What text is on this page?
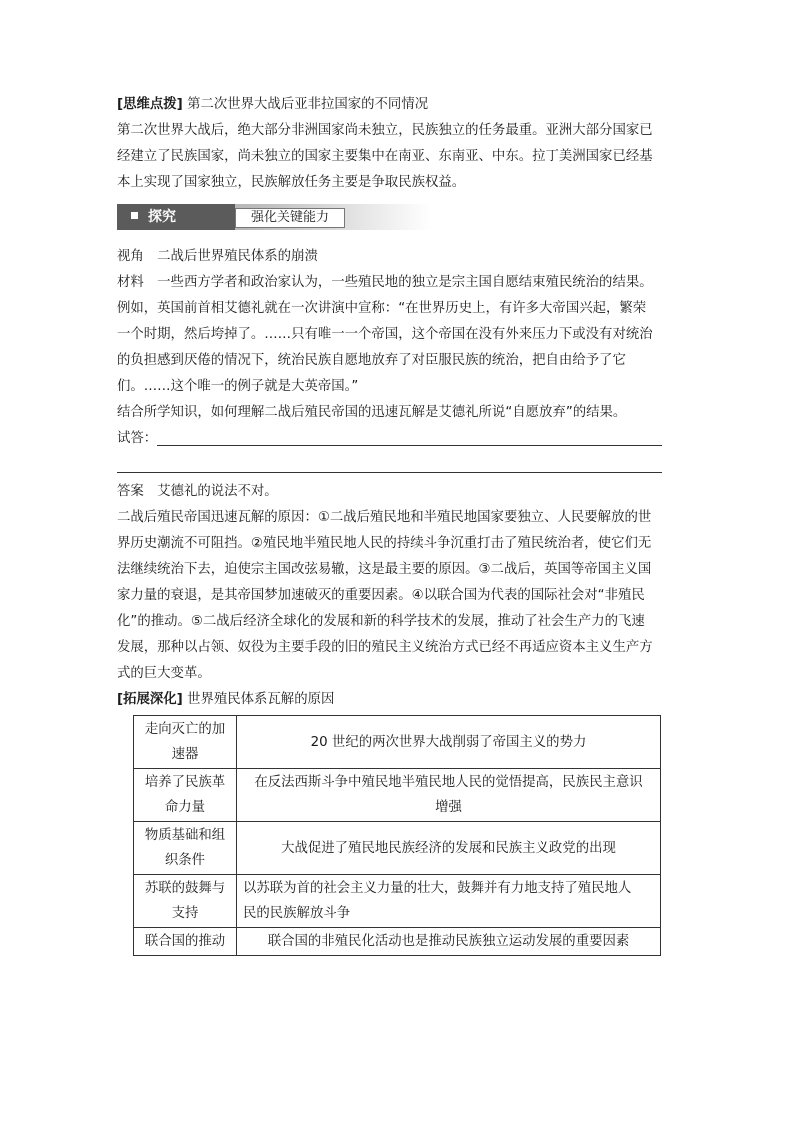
[思维点拨] 第二次世界大战后亚非拉国家的不同情况
第二次世界大战后，绝大部分非洲国家尚未独立，民族独立的任务最重。亚洲大部分国家已
经建立了民族国家，尚未独立的国家主要集中在南亚、东南亚、中东。拉丁美洲国家已经基
本上实现了国家独立，民族解放任务主要是争取民族权益。
探究	强化关键能力
视角　二战后世界殖民体系的崩溃
材料　一些西方学者和政治家认为，一些殖民地的独立是宗主国自愿结束殖民统治的结果。
例如，英国前首相艾德礼就在一次讲演中宣称：“在世界历史上，有许多大帝国兴起，繁荣
一个时期，然后垮掉了。……只有唯一一个帝国，这个帝国在没有外来压力下或没有对统治
的负担感到厌倦的情况下，统治民族自愿地放弃了对臣服民族的统治，把自由给予了它
们。……这个唯一的例子就是大英帝国。”
结合所学知识，如何理解二战后殖民帝国的迅速瓦解是艾德礼所说“自愿放弃”的结果。
试答：
答案　艾德礼的说法不对。
二战后殖民帝国迅速瓦解的原因：①二战后殖民地和半殖民地国家要独立、人民要解放的世
界历史潮流不可阻挡。②殖民地半殖民地人民的持续斗争沉重打击了殖民统治者，使它们无
法继续统治下去，迫使宗主国改弦易辙，这是最主要的原因。③二战后，英国等帝国主义国
家力量的衰退，是其帝国梦加速破灭的重要因素。④以联合国为代表的国际社会对“非殖民
化”的推动。⑤二战后经济全球化的发展和新的科学技术的发展，推动了社会生产力的飞速
发展，那种以占领、奴役为主要手段的旧的殖民主义统治方式已经不再适应资本主义生产方
式的巨大变革。
[拓展深化] 世界殖民体系瓦解的原因
走向灭亡的加
速器	20 世纪的两次世界大战削弱了帝国主义的势力
培养了民族革
命力量	在反法西斯斗争中殖民地半殖民地人民的觉悟提高，民族民主意识
增强
物质基础和组
织条件	大战促进了殖民地民族经济的发展和民族主义政党的出现
苏联的鼓舞与
支持	以苏联为首的社会主义力量的壮大，鼓舞并有力地支持了殖民地人
民的民族解放斗争
联合国的推动	联合国的非殖民化活动也是推动民族独立运动发展的重要因素
